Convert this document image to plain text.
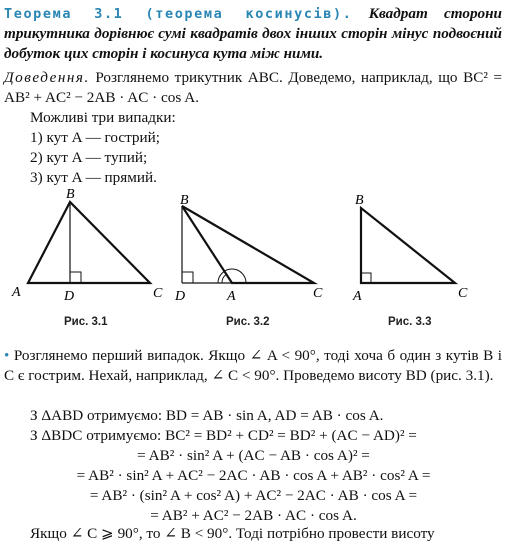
Теорема 3.1 (теорема косинусів). Квадрат сторони трикутника дорівнює сумі квадратів двох інших сторін мінус подвоєний добуток цих сторін і косинуса кута між ними.
Доведення. Розглянемо трикутник ABC. Доведемо, наприклад, що BC² = AB² + AC² − 2AB · AC · cos A.
Можливі три випадки:
1) кут A — гострий;
2) кут A — тупий;
3) кут A — прямий.
B
A	D	C
Рис. 3.1
B
D	A	C
Рис. 3.2
B
A	C
Рис. 3.3
• Розглянемо перший випадок. Якщо ∠ A < 90°, тоді хоча б один з кутів B і C є гострим. Нехай, наприклад, ∠ C < 90°. Проведемо висоту BD (рис. 3.1).
З ΔABD отримуємо: BD = AB · sin A, AD = AB · cos A.
З ΔBDC отримуємо: BC² = BD² + CD² = BD² + (AC − AD)² =
= AB² · sin² A + (AC − AB · cos A)² =
= AB² · sin² A + AC² − 2AC · AB · cos A + AB² · cos² A =
= AB² · (sin² A + cos² A) + AC² − 2AC · AB · cos A =
= AB² + AC² − 2AB · AC · cos A.
Якщо ∠ C ⩾ 90°, то ∠ B < 90°. Тоді потрібно провести висоту
